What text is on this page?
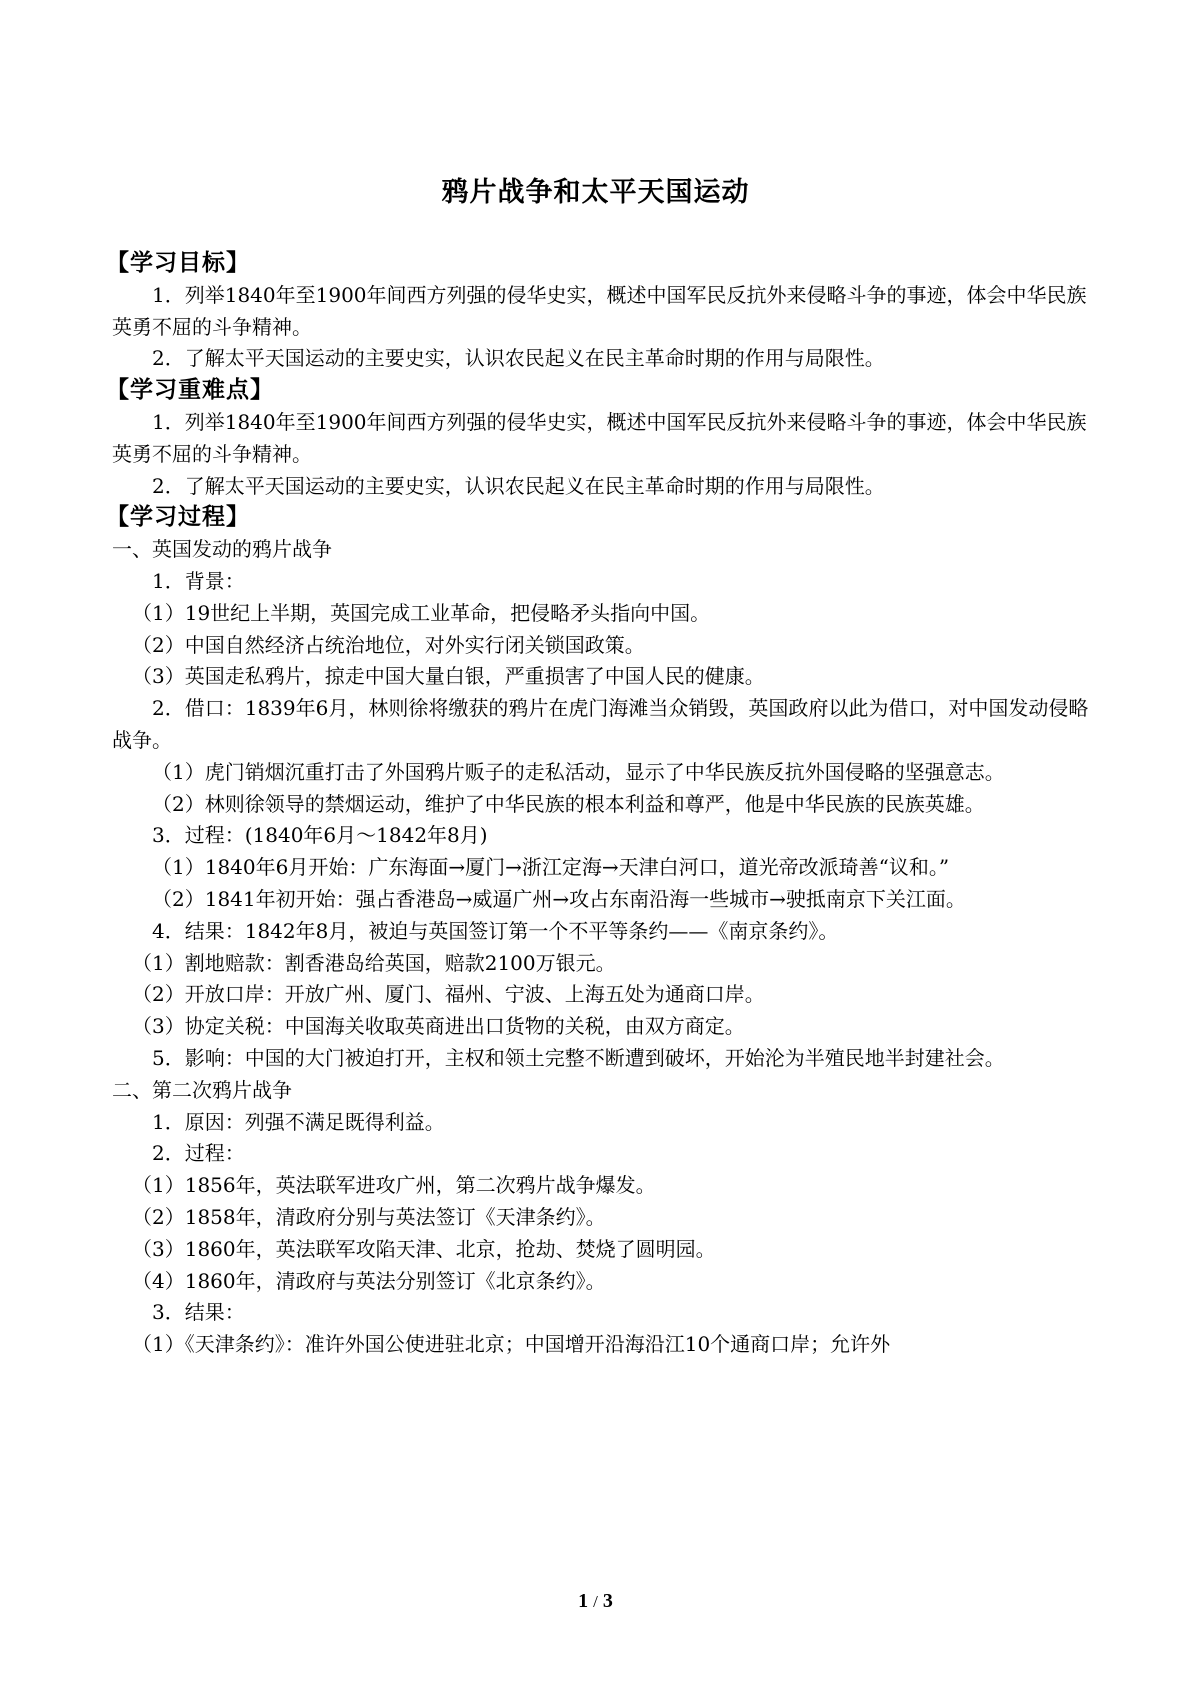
鸦片战争和太平天国运动
【学习目标】

1．列举1840年至1900年间西方列强的侵华史实，概述中国军民反抗外来侵略斗争的事迹，体会中华民族英勇不屈的斗争精神。

2．了解太平天国运动的主要史实，认识农民起义在民主革命时期的作用与局限性。

【学习重难点】

1．列举1840年至1900年间西方列强的侵华史实，概述中国军民反抗外来侵略斗争的事迹，体会中华民族英勇不屈的斗争精神。

2．了解太平天国运动的主要史实，认识农民起义在民主革命时期的作用与局限性。

【学习过程】

一、英国发动的鸦片战争

1．背景：

（1）19世纪上半期，英国完成工业革命，把侵略矛头指向中国。

（2）中国自然经济占统治地位，对外实行闭关锁国政策。

（3）英国走私鸦片，掠走中国大量白银，严重损害了中国人民的健康。

2．借口：1839年6月，林则徐将缴获的鸦片在虎门海滩当众销毁，英国政府以此为借口，对中国发动侵略战争。

（1）虎门销烟沉重打击了外国鸦片贩子的走私活动，显示了中华民族反抗外国侵略的坚强意志。

（2）林则徐领导的禁烟运动，维护了中华民族的根本利益和尊严，他是中华民族的民族英雄。

3．过程：(1840年6月～1842年8月)

（1）1840年6月开始：广东海面→厦门→浙江定海→天津白河口，道光帝改派琦善“议和。”

（2）1841年初开始：强占香港岛→威逼广州→攻占东南沿海一些城市→驶抵南京下关江面。

4．结果：1842年8月，被迫与英国签订第一个不平等条约——《南京条约》。

（1）割地赔款：割香港岛给英国，赔款2100万银元。

（2）开放口岸：开放广州、厦门、福州、宁波、上海五处为通商口岸。

（3）协定关税：中国海关收取英商进出口货物的关税，由双方商定。

5．影响：中国的大门被迫打开，主权和领土完整不断遭到破坏，开始沦为半殖民地半封建社会。

二、第二次鸦片战争

1．原因：列强不满足既得利益。

2．过程：

（1）1856年，英法联军进攻广州，第二次鸦片战争爆发。

（2）1858年，清政府分别与英法签订《天津条约》。

（3）1860年，英法联军攻陷天津、北京，抢劫、焚烧了圆明园。

（4）1860年，清政府与英法分别签订《北京条约》。

3．结果：

（1）《天津条约》：准许外国公使进驻北京；中国增开沿海沿江10个通商口岸；允许外

1 / 3
